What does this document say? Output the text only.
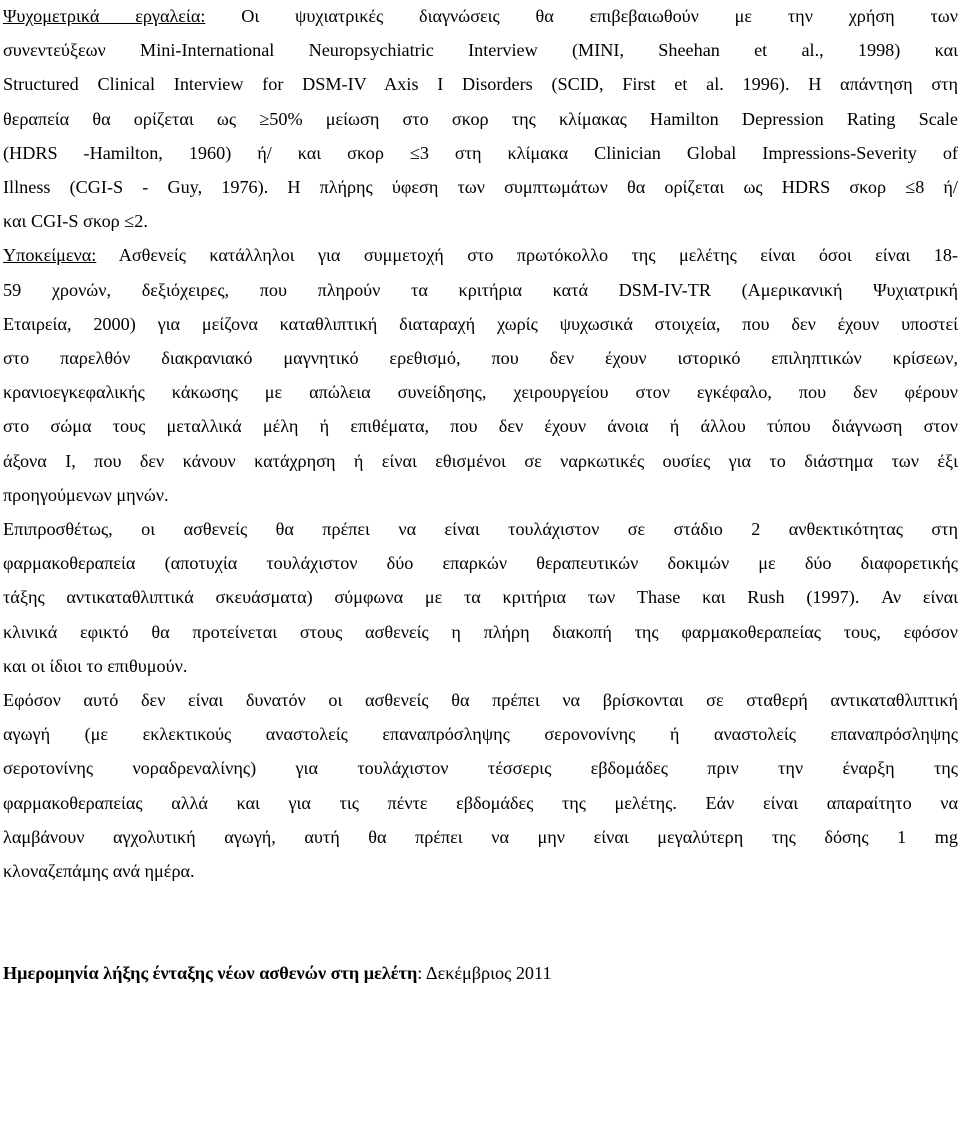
Ψυχομετρικά εργαλεία: Οι ψυχιατρικές διαγνώσεις θα επιβεβαιωθούν με την χρήση των
συνεντεύξεων Mini-International Neuropsychiatric Interview (MINI, Sheehan et al., 1998) και
Structured Clinical Interview for DSM-IV Axis I Disorders (SCID, First et al. 1996). Η απάντηση στη
θεραπεία θα ορίζεται ως ≥50% μείωση στο σκορ της κλίμακας Hamilton Depression Rating Scale
(HDRS -Hamilton, 1960) ή/ και σκορ ≤3 στη κλίμακα Clinician Global Impressions-Severity of
Illness (CGI-S - Guy, 1976). Η πλήρης ύφεση των συμπτωμάτων θα ορίζεται ως HDRS σκορ ≤8 ή/
και CGI-S σκορ ≤2.

Υποκείμενα: Ασθενείς κατάλληλοι για συμμετοχή στο πρωτόκολλο της μελέτης είναι όσοι είναι 18-
59 χρονών, δεξιόχειρες, που πληρούν τα κριτήρια κατά DSM-IV-TR (Αμερικανική Ψυχιατρική
Εταιρεία, 2000) για μείζονα καταθλιπτική διαταραχή χωρίς ψυχωσικά στοιχεία, που δεν έχουν υποστεί
στο παρελθόν διακρανιακό μαγνητικό ερεθισμό, που δεν έχουν ιστορικό επιληπτικών κρίσεων,
κρανιοεγκεφαλικής κάκωσης με απώλεια συνείδησης, χειρουργείου στον εγκέφαλο, που δεν φέρουν
στο σώμα τους μεταλλικά μέλη ή επιθέματα, που δεν έχουν άνοια ή άλλου τύπου διάγνωση στον
άξονα Ι, που δεν κάνουν κατάχρηση ή είναι εθισμένοι σε ναρκωτικές ουσίες για το διάστημα των έξι
προηγούμενων μηνών.

Επιπροσθέτως, οι ασθενείς θα πρέπει να είναι τουλάχιστον σε στάδιο 2 ανθεκτικότητας στη
φαρμακοθεραπεία (αποτυχία τουλάχιστον δύο επαρκών θεραπευτικών δοκιμών με δύο διαφορετικής
τάξης αντικαταθλιπτικά σκευάσματα) σύμφωνα με τα κριτήρια των Thase και Rush (1997). Αν είναι
κλινικά εφικτό θα προτείνεται στους ασθενείς η πλήρη διακοπή της φαρμακοθεραπείας τους, εφόσον
και οι ίδιοι το επιθυμούν.

Εφόσον αυτό δεν είναι δυνατόν οι ασθενείς θα πρέπει να βρίσκονται σε σταθερή αντικαταθλιπτική
αγωγή (με εκλεκτικούς αναστολείς επαναπρόσληψης σερονονίνης ή αναστολείς επαναπρόσληψης
σεροτονίνης νοραδρεναλίνης) για τουλάχιστον τέσσερις εβδομάδες πριν την έναρξη της
φαρμακοθεραπείας αλλά και για τις πέντε εβδομάδες της μελέτης. Εάν είναι απαραίτητο να
λαμβάνουν αγχολυτική αγωγή, αυτή θα πρέπει να μην είναι μεγαλύτερη της δόσης 1 mg
κλοναζεπάμης ανά ημέρα.

Ημερομηνία λήξης ένταξης νέων ασθενών στη μελέτη: Δεκέμβριος 2011
